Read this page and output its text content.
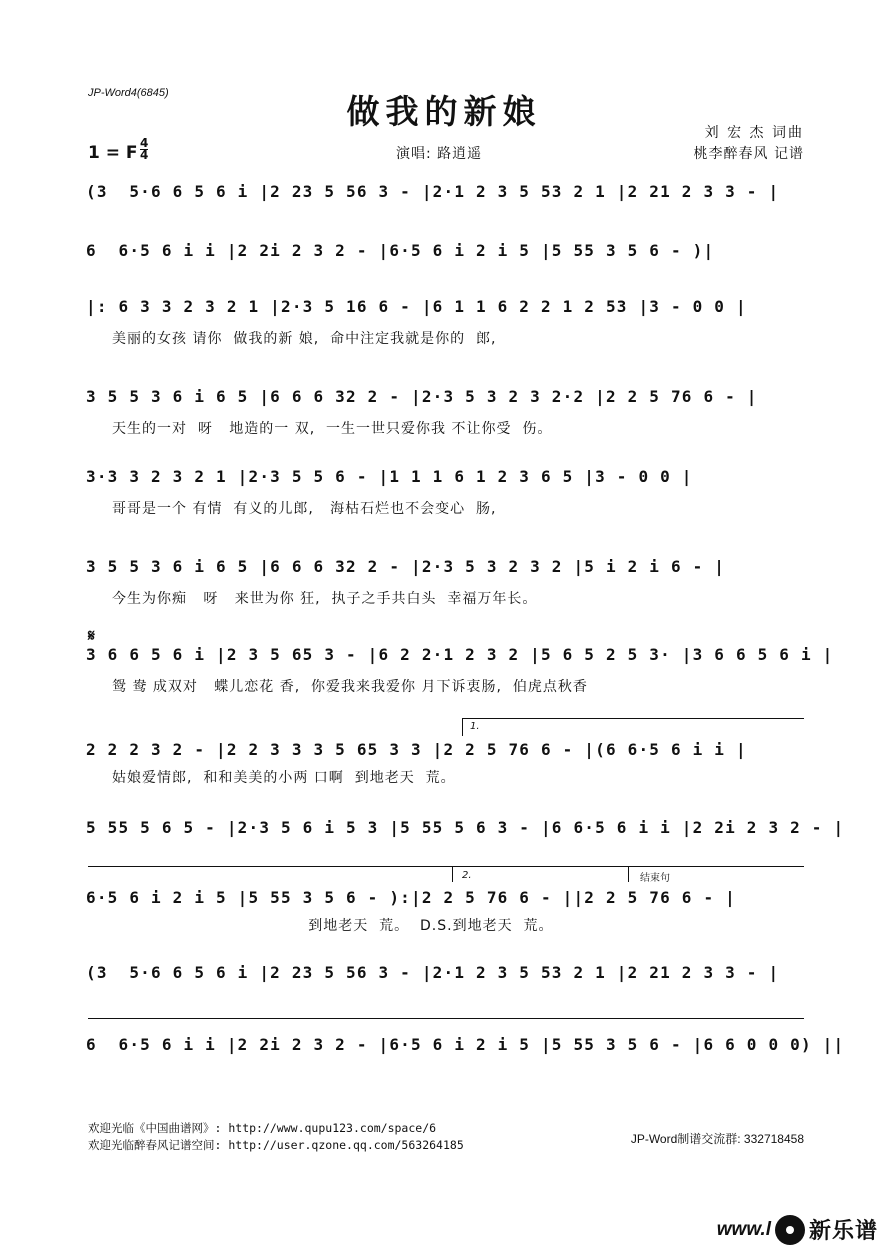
JP-Word4(6845)	做我的新娘
刘 宏 杰 词曲
桃李醉春风 记谱
演唱: 路逍遥
1 = F 4
4
(3  5·6 6 5 6 i |2 23 5 56 3 - |2·1 2 3 5 53 2 1 |2 21 2 3 3 - |
6  6·5 6 i i |2 2i 2 3 2 - |6·5 6 i 2 i 5 |5 55 3 5 6 - )|
|: 6 3 3 2 3 2 1 |2·3 5 16 6 - |6 1 1 6 2 2 1 2 53 |3 - 0 0 |
美丽的女孩 请你  做我的新 娘,  命中注定我就是你的  郎,
3 5 5 3 6 i 6 5 |6 6 6 32 2 - |2·3 5 3 2 3 2·2 |2 2 5 76 6 - |
天生的一对  呀   地造的一 双,  一生一世只爱你我 不让你受  伤。
3·3 3 2 3 2 1 |2·3 5 5 6 - |1 1 1 6 1 2 3 6 5 |3 - 0 0 |
哥哥是一个 有情  有义的儿郎,   海枯石烂也不会变心  肠,
3 5 5 3 6 i 6 5 |6 6 6 32 2 - |2·3 5 3 2 3 2 |5 i 2 i 6 - |
今生为你痴   呀   来世为你 狂,  执子之手共白头  幸福万年长。
𝄋
3 6 6 5 6 i |2 3 5 65 3 - |6 2 2·1 2 3 2 |5 6 5 2 5 3· |3 6 6 5 6 i |
鸳 鸯 成双对   蝶儿恋花 香,  你爱我来我爱你 月下诉衷肠,  伯虎点秋香
1.
2 2 2 3 2 - |2 2 3 3 3 5 65 3 3 |2 2 5 76 6 - |(6 6·5 6 i i |
姑娘爱情郎,  和和美美的小两 口啊  到地老天  荒。
5 55 5 6 5 - |2·3 5 6 i 5 3 |5 55 5 6 3 - |6 6·5 6 i i |2 2i 2 3 2 - |
2.	结束句
6·5 6 i 2 i 5 |5 55 3 5 6 - ):|2 2 5 76 6 - ||2 2 5 76 6 - |
到地老天  荒。  D.S.到地老天  荒。
(3  5·6 6 5 6 i |2 23 5 56 3 - |2·1 2 3 5 53 2 1 |2 21 2 3 3 - |
6  6·5 6 i i |2 2i 2 3 2 - |6·5 6 i 2 i 5 |5 55 3 5 6 - |6 6 0 0 0) ||
欢迎光临《中国曲谱网》: http://www.qupu123.com/space/6
欢迎光临醉春风记谱空间: http://user.qzone.qq.com/563264185	JP-Word制谱交流群: 332718458
www.l 新乐谱
